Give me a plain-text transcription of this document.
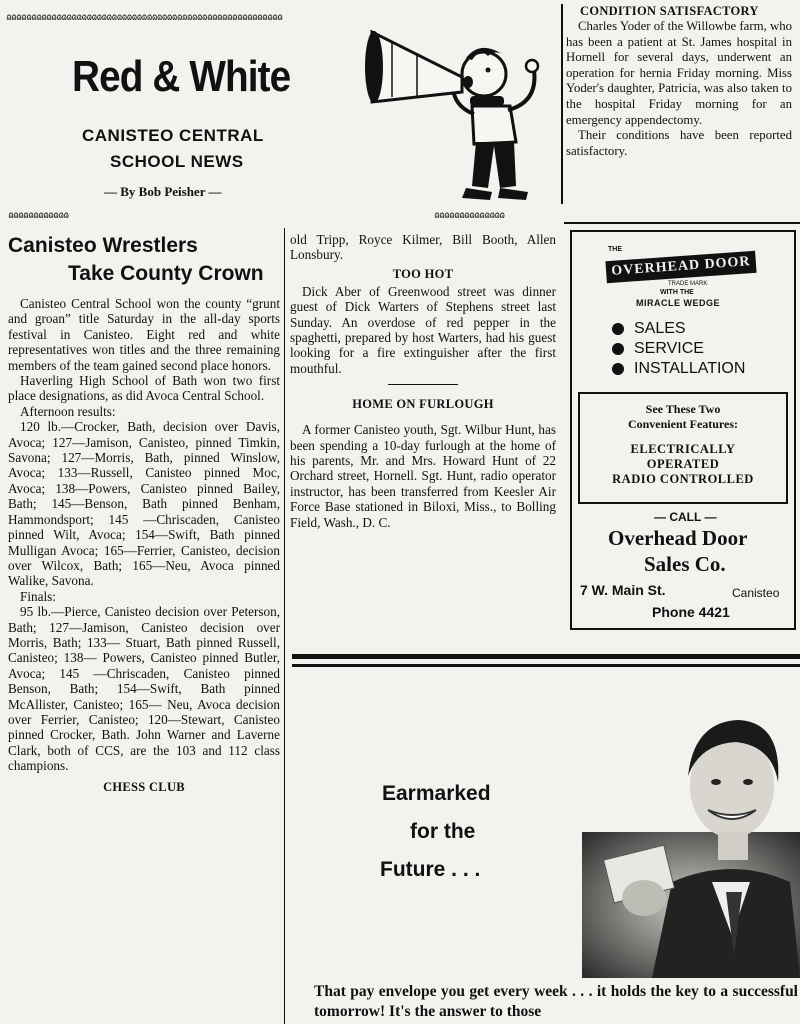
ɷɷɷɷɷɷɷɷɷɷɷɷɷɷɷɷɷɷɷɷɷɷɷɷɷɷɷɷɷɷɷɷɷɷɷɷɷɷɷɷɷɷɷɷɷɷɷɷɷɷɷɷɷɷɷ
Red & White
CANISTEO CENTRAL
SCHOOL NEWS
— By Bob Peisher —
ɷɷɷɷɷɷɷɷɷɷɷɷ	ɷɷɷɷɷɷɷɷɷɷɷɷɷɷ
Canisteo Wrestlers
Take County Crown

Canisteo Central School won the county “grunt and groan” title Saturday in the all-day sports festival in Canisteo. Eight red and white representatives won titles and the three remaining members of the team gained second place honors.

Haverling High School of Bath won two first place designations, as did Avoca Central School.

Afternoon results:

120 lb.—Crocker, Bath, decision over Davis, Avoca; 127—Jamison, Canisteo, pinned Timkin, Savona; 127—Morris, Bath, pinned Winslow, Avoca; 133—Russell, Canisteo pinned Moc, Avoca; 138—Powers, Canisteo pinned Bailey, Bath; 145—Benson, Bath pinned Benham, Hammondsport; 145 —Chriscaden, Canisteo pinned Wilt, Avoca; 154—Swift, Bath pinned Mulligan Avoca; 165—Ferrier, Canisteo, decision over Wilcox, Bath; 165—Neu, Avoca pinned Walike, Savona.

Finals:

95 lb.—Pierce, Canisteo decision over Peterson, Bath; 127—Jamison, Canisteo decision over Morris, Bath; 133— Stuart, Bath pinned Russell, Canisteo; 138— Powers, Canisteo pinned Butler, Avoca; 145 —Chriscaden, Canisteo pinned Benson, Bath; 154—Swift, Bath pinned McAllister, Canisteo; 165— Neu, Avoca decision over Ferrier, Canisteo; 120—Stewart, Canisteo pinned Crocker, Bath. John Warner and Laverne Clark, both of CCS, are the 103 and 112 class champions.

CHESS CLUB

old Tripp, Royce Kilmer, Bill Booth, Allen Lonsbury.

TOO HOT

Dick Aber of Greenwood street was dinner guest of Dick Warters of Stephens street last Sunday. An overdose of red pepper in the spaghetti, prepared by host Warters, had his guest looking for a fire extinguisher after the first mouthful.

HOME ON FURLOUGH

A former Canisteo youth, Sgt. Wilbur Hunt, has been spending a 10-day furlough at the home of his parents, Mr. and Mrs. Howard Hunt of 22 Orchard street, Hornell. Sgt. Hunt, radio operator instructor, has been transferred from Keesler Air Force Base stationed in Biloxi, Miss., to Bolling Field, Wash., D. C.

CONDITION SATISFACTORY

Charles Yoder of the Willowbe farm, who has been a patient at St. James hospital in Hornell for several days, underwent an operation for hernia Friday morning. Miss Yoder's daughter, Patricia, was also taken to the hospital Friday morning for an emergency appendectomy.

Their conditions have been reported satisfactory.

THE
OVERHEAD DOOR
TRADE MARK
WITH THE
MIRACLE WEDGE
SALES
SERVICE
INSTALLATION
See These Two
Convenient Features:
ELECTRICALLY
OPERATED
RADIO CONTROLLED
— CALL —
Overhead Door
Sales Co.
7 W. Main St.	Canisteo
Phone 4421
Earmarked
for the
Future . . .
That pay envelope you get every week . . . it holds the key to a successful tomorrow! It's the answer to those
